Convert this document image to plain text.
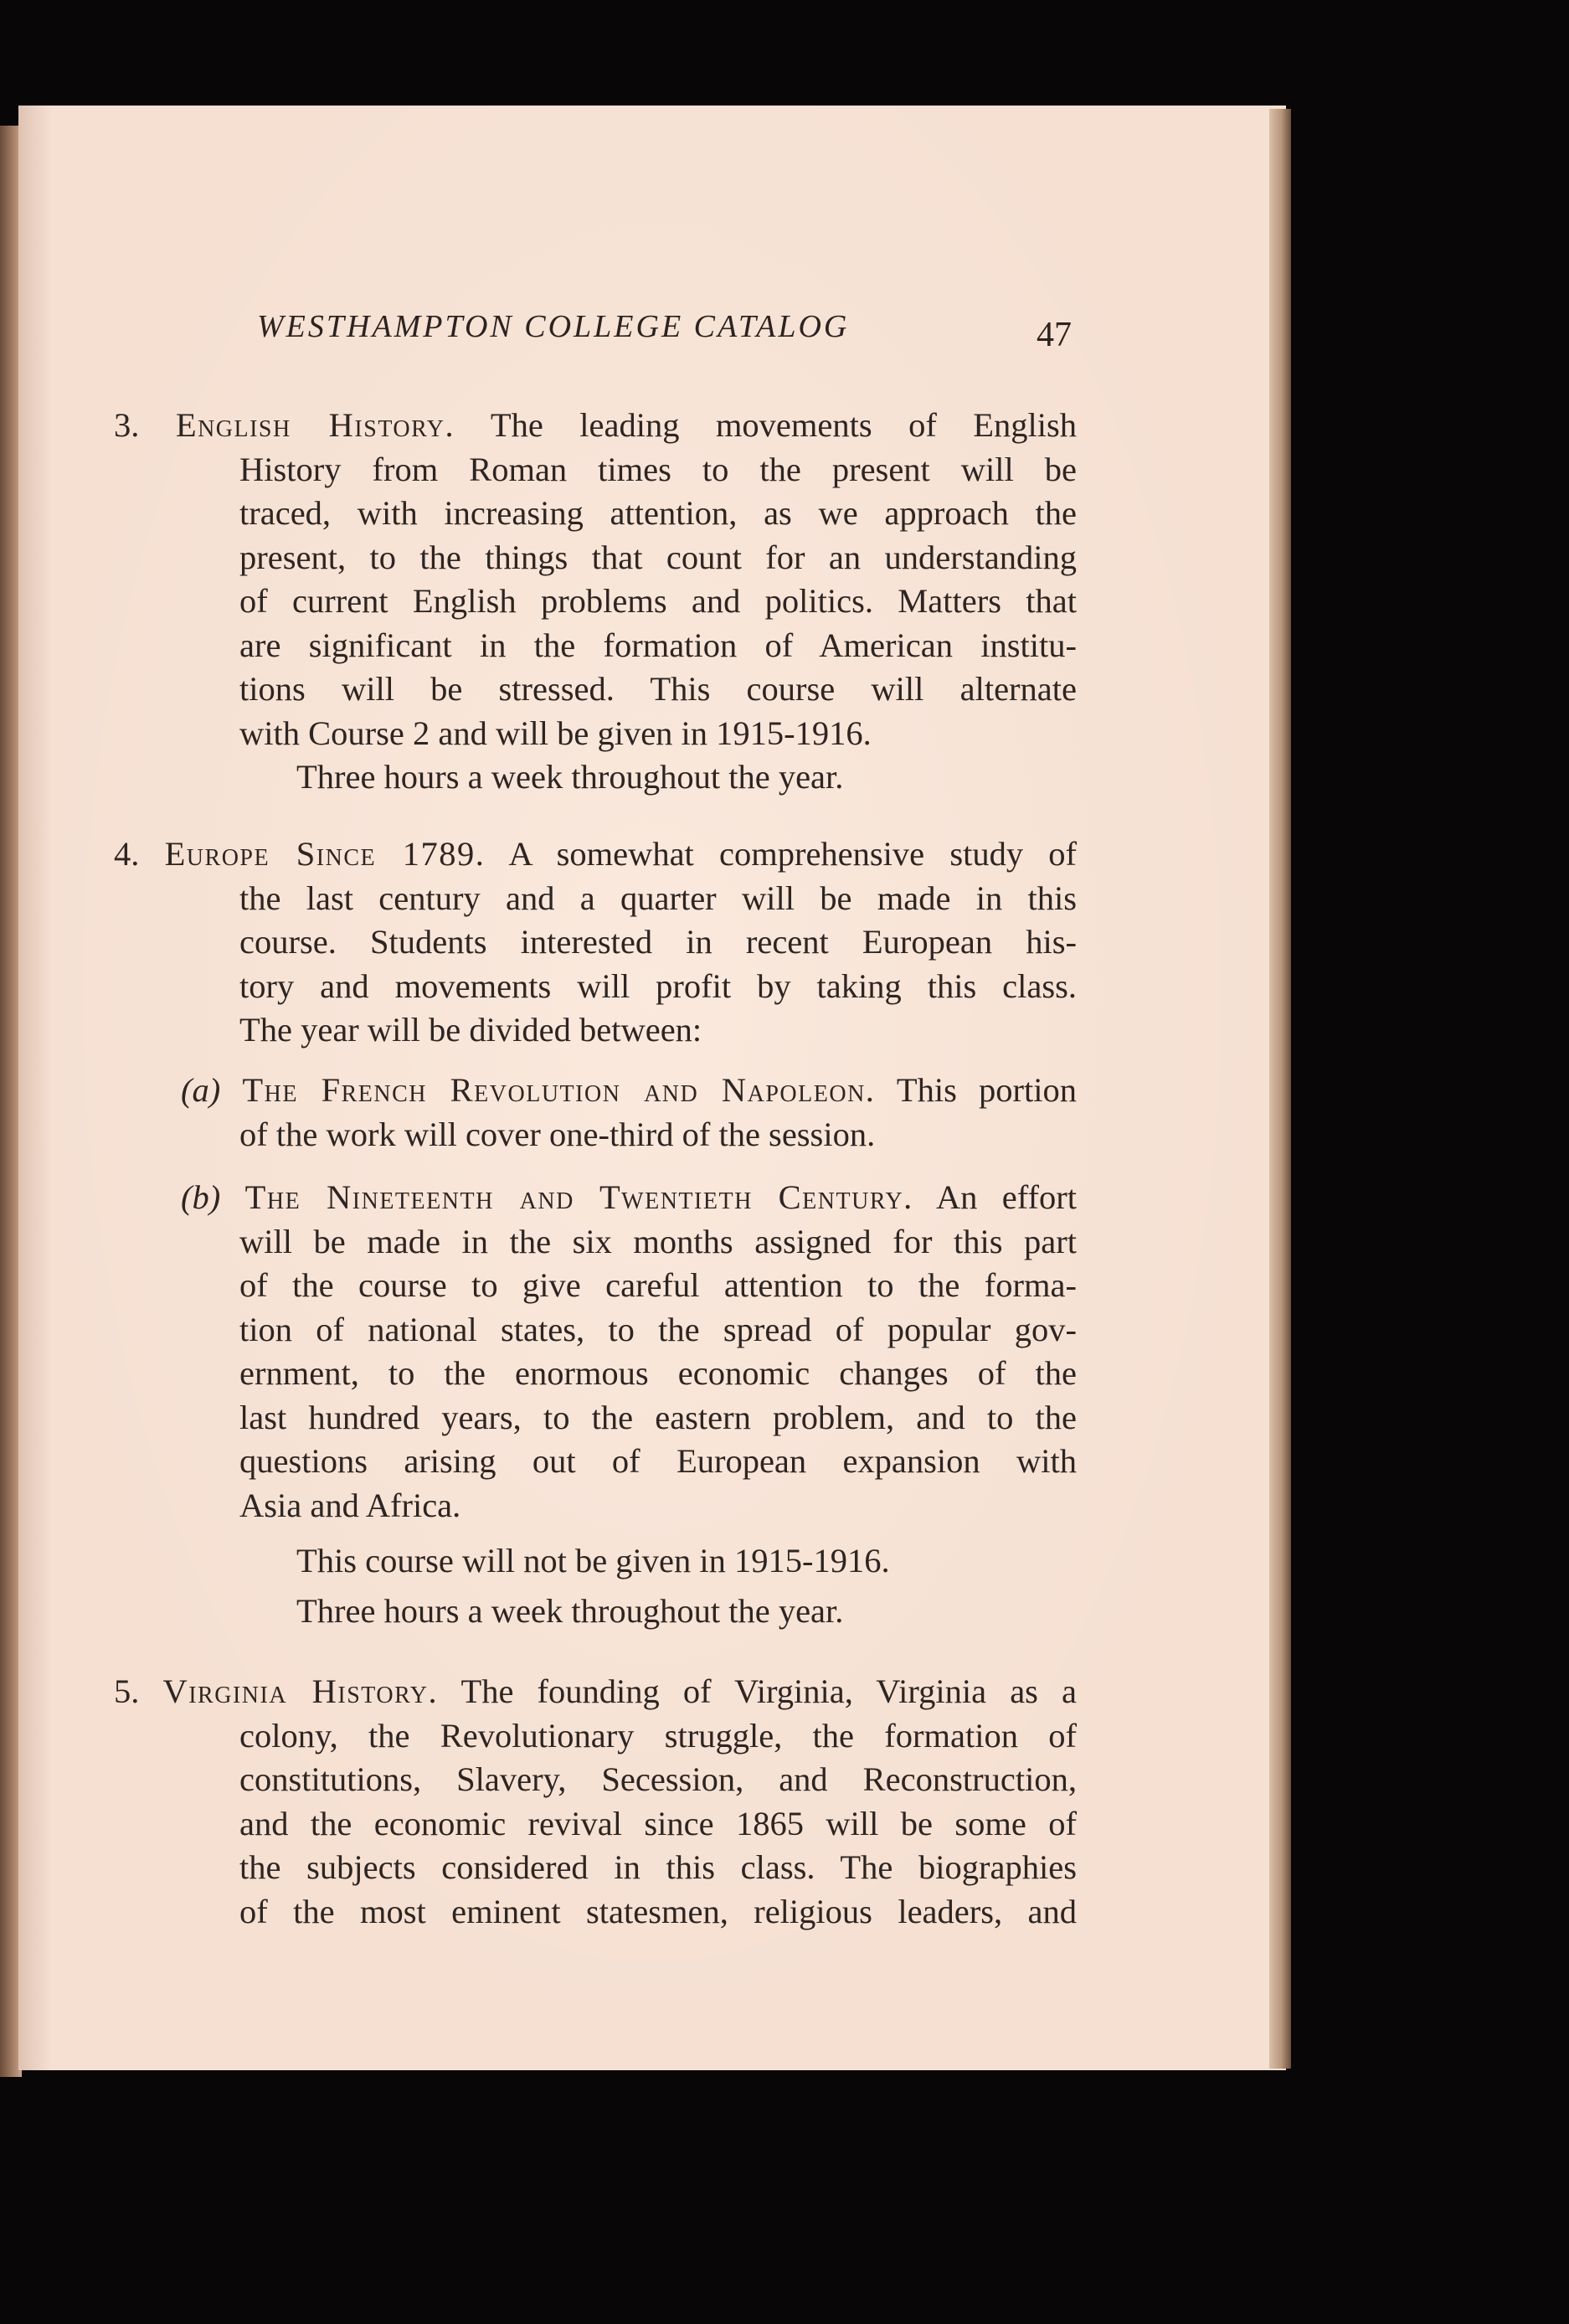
WESTHAMPTON COLLEGE CATALOG	47
3. English History. The leading movements of English
History from Roman times to the present will be
traced, with increasing attention, as we approach the
present, to the things that count for an understanding
of current English problems and politics. Matters that
are significant in the formation of American institu-
tions will be stressed. This course will alternate
with Course 2 and will be given in 1915-1916.
Three hours a week throughout the year.
4. Europe Since 1789. A somewhat comprehensive study of
the last century and a quarter will be made in this
course. Students interested in recent European his-
tory and movements will profit by taking this class.
The year will be divided between:
(a) The French Revolution and Napoleon. This portion
of the work will cover one-third of the session.
(b) The Nineteenth and Twentieth Century. An effort
will be made in the six months assigned for this part
of the course to give careful attention to the forma-
tion of national states, to the spread of popular gov-
ernment, to the enormous economic changes of the
last hundred years, to the eastern problem, and to the
questions arising out of European expansion with
Asia and Africa.
This course will not be given in 1915-1916.
Three hours a week throughout the year.
5. Virginia History. The founding of Virginia, Virginia as a
colony, the Revolutionary struggle, the formation of
constitutions, Slavery, Secession, and Reconstruction,
and the economic revival since 1865 will be some of
the subjects considered in this class. The biographies
of the most eminent statesmen, religious leaders, and
